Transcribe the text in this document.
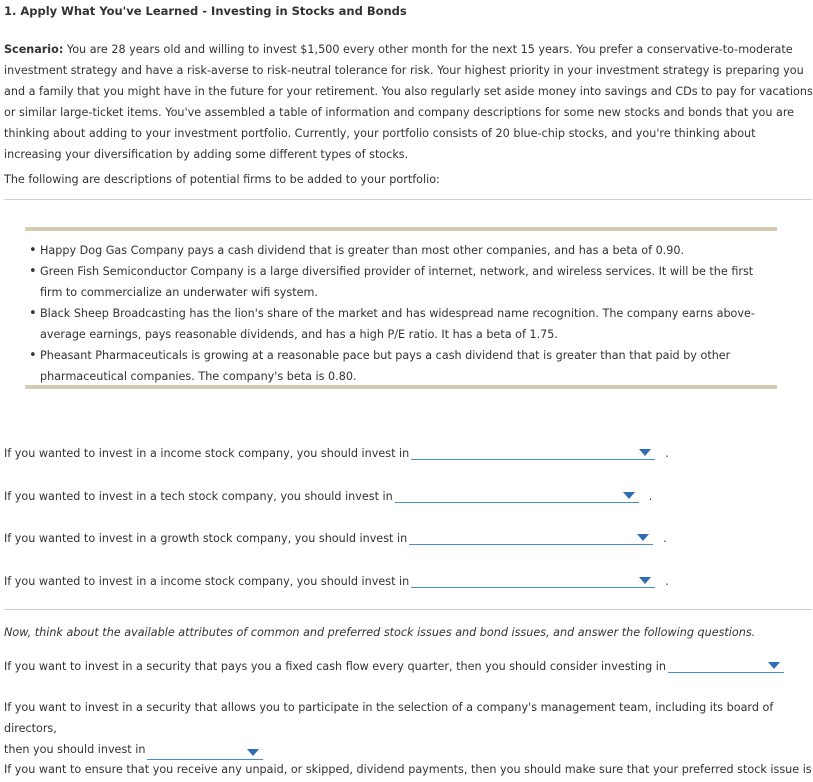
1. Apply What You've Learned - Investing in Stocks and Bonds
Scenario: You are 28 years old and willing to invest $1,500 every other month for the next 15 years. You prefer a conservative-to-moderate investment strategy and have a risk-averse to risk-neutral tolerance for risk. Your highest priority in your investment strategy is preparing you and a family that you might have in the future for your retirement. You also regularly set aside money into savings and CDs to pay for vacations or similar large-ticket items. You've assembled a table of information and company descriptions for some new stocks and bonds that you are thinking about adding to your investment portfolio. Currently, your portfolio consists of 20 blue-chip stocks, and you're thinking about increasing your diversification by adding some different types of stocks.
The following are descriptions of potential firms to be added to your portfolio:
• Happy Dog Gas Company pays a cash dividend that is greater than most other companies, and has a beta of 0.90.
• Green Fish Semiconductor Company is a large diversified provider of internet, network, and wireless services. It will be the first firm to commercialize an underwater wifi system.
• Black Sheep Broadcasting has the lion's share of the market and has widespread name recognition. The company earns above-average earnings, pays reasonable dividends, and has a high P/E ratio. It has a beta of 1.75.
• Pheasant Pharmaceuticals is growing at a reasonable pace but pays a cash dividend that is greater than that paid by other pharmaceutical companies. The company's beta is 0.80.
If you wanted to invest in a income stock company, you should invest in	.
If you wanted to invest in a tech stock company, you should invest in	.
If you wanted to invest in a growth stock company, you should invest in	.
If you wanted to invest in a income stock company, you should invest in	.
Now, think about the available attributes of common and preferred stock issues and bond issues, and answer the following questions.
If you want to invest in a security that pays you a fixed cash flow every quarter, then you should consider investing in
If you want to invest in a security that allows you to participate in the selection of a company's management team, including its board of directors,
then you should invest in
If you want to ensure that you receive any unpaid, or skipped, dividend payments, then you should make sure that your preferred stock issue is
